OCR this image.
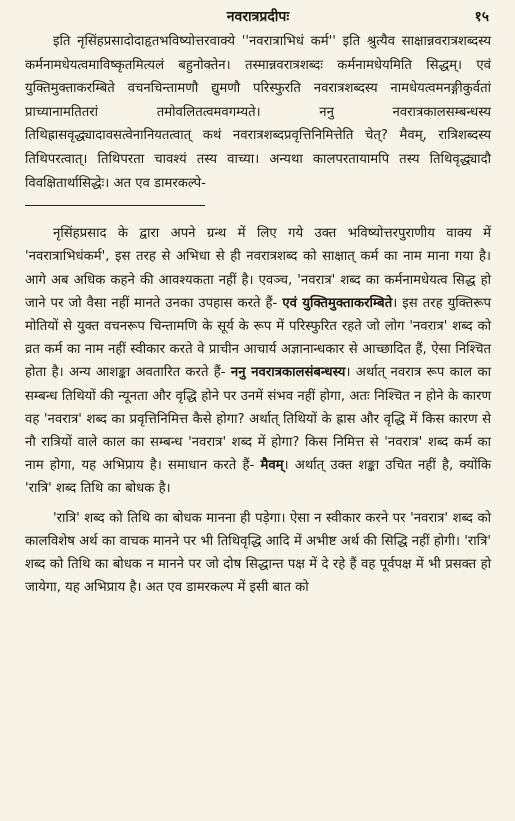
नवरात्रप्रदीपः	१५

इति नृसिंहप्रसादोदाहृतभविष्योत्तरवाक्ये ''नवरात्राभिधं कर्म'' इति श्रुत्यैव साक्षान्नवरात्रशब्दस्य कर्मनामधेयत्वमाविष्कृतमित्यलं बहुनोक्तेन। तस्मान्नवरात्रशब्दः कर्मनामधेयमिति सिद्धम्। एवं युक्तिमुक्ताकरम्बिते वचनचिन्तामणौ द्युमणौ परिस्फुरति नवरात्रशब्दस्य नामधेयत्वमनङ्गीकुर्वतां प्राच्यानामतितरां तमोवलितत्वमवगम्यते। ननु नवरात्रकालसम्बन्धस्य तिथिह्रासवृद्ध्यादावसत्वेनानियतत्वात् कथं नवरात्रशब्दप्रवृत्तिनिमित्तेति चेत्? मैवम्, रात्रिशब्दस्य तिथिपरत्वात्। तिथिपरता चावश्यं तस्य वाच्या। अन्यथा कालपरतायामपि तस्य तिथिवृद्ध्यादौ विवक्षितार्थासिद्धेः। अत एव डामरकल्पे-

नृसिंहप्रसाद के द्वारा अपने ग्रन्थ में लिए गये उक्त भविष्योत्तरपुराणीय वाक्य में 'नवरात्राभिधंकर्म', इस तरह से अभिधा से ही नवरात्रशब्द को साक्षात् कर्म का नाम माना गया है। आगे अब अधिक कहने की आवश्यकता नहीं है। एवञ्च, 'नवरात्र' शब्द का कर्मनामधेयत्व सिद्ध हो जाने पर जो वैसा नहीं मानते उनका उपहास करते हैं- एवं युक्तिमुक्ताकरम्बिते। इस तरह युक्तिरूप मोतियों से युक्त वचनरूप चिन्तामणि के सूर्य के रूप में परिस्फुरित रहते जो लोग 'नवरात्र' शब्द को व्रत कर्म का नाम नहीं स्वीकार करते वे प्राचीन आचार्य अज्ञानान्धकार से आच्छादित हैं, ऐसा निश्चित होता है। अन्य आशङ्का अवतारित करते हैं- ननु नवरात्रकालसंबन्धस्य। अर्थात् नवरात्र रूप काल का सम्बन्ध तिथियों की न्यूनता और वृद्धि होने पर उनमें संभव नहीं होगा, अतः निश्चित न होने के कारण वह 'नवरात्र' शब्द का प्रवृत्तिनिमित्त कैसे होगा? अर्थात् तिथियों के ह्रास और वृद्धि में किस कारण से नौ रात्रियों वाले काल का सम्बन्ध 'नवरात्र' शब्द में होगा? किस निमित्त से 'नवरात्र' शब्द कर्म का नाम होगा, यह अभिप्राय है। समाधान करते हैं- मैवम्। अर्थात् उक्त शङ्का उचित नहीं है, क्योंकि 'रात्रि' शब्द तिथि का बोधक है।

'रात्रि' शब्द को तिथि का बोधक मानना ही पड़ेगा। ऐसा न स्वीकार करने पर 'नवरात्र' शब्द को कालविशेष अर्थ का वाचक मानने पर भी तिथिवृद्धि आदि में अभीष्ट अर्थ की सिद्धि नहीं होगी। 'रात्रि' शब्द को तिथि का बोधक न मानने पर जो दोष सिद्धान्त पक्ष में दे रहे हैं वह पूर्वपक्ष में भी प्रसक्त हो जायेगा, यह अभिप्राय है। अत एव डामरकल्प में इसी बात को
